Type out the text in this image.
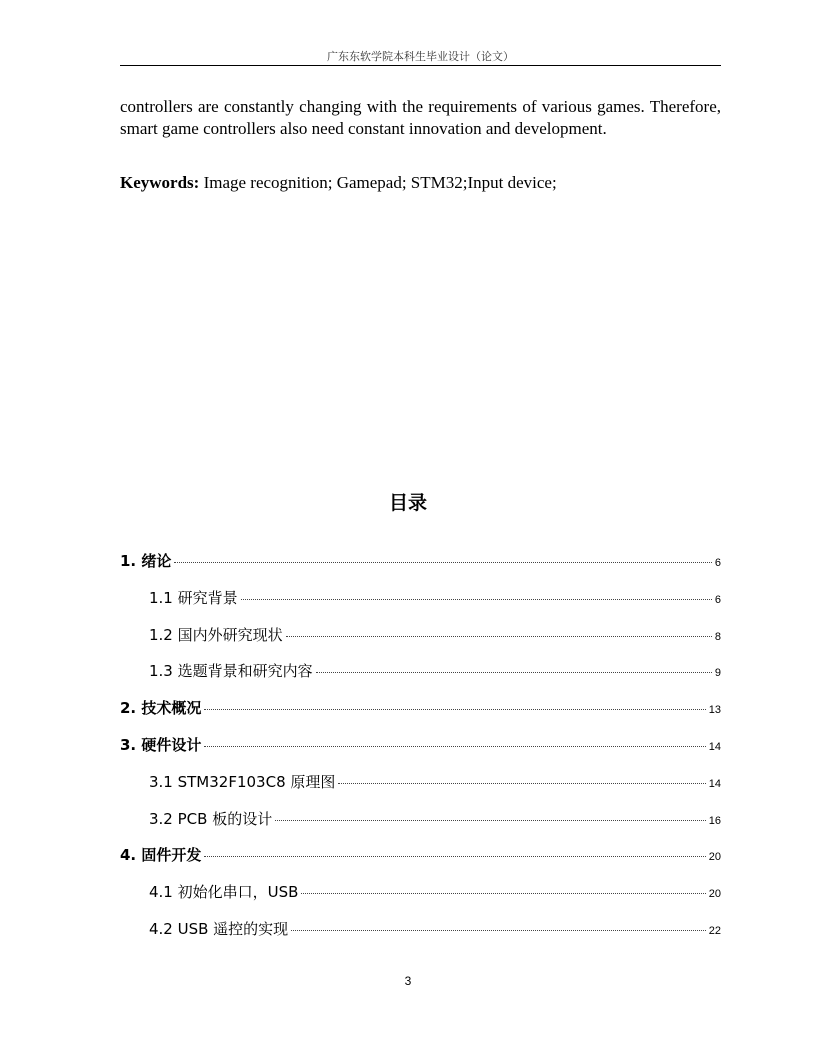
广东东软学院本科生毕业设计（论文）

controllers are constantly changing with the requirements of various games. Therefore, smart game controllers also need constant innovation and development.

Keywords: Image recognition; Gamepad; STM32;Input device;

目录
1. 绪论	6
1.1 研究背景	6
1.2 国内外研究现状	8
1.3 选题背景和研究内容	9
2. 技术概况	13
3. 硬件设计	14
3.1 STM32F103C8 原理图	14
3.2 PCB 板的设计	16
4. 固件开发	20
4.1 初始化串口，USB	20
4.2 USB 遥控的实现	22
3
